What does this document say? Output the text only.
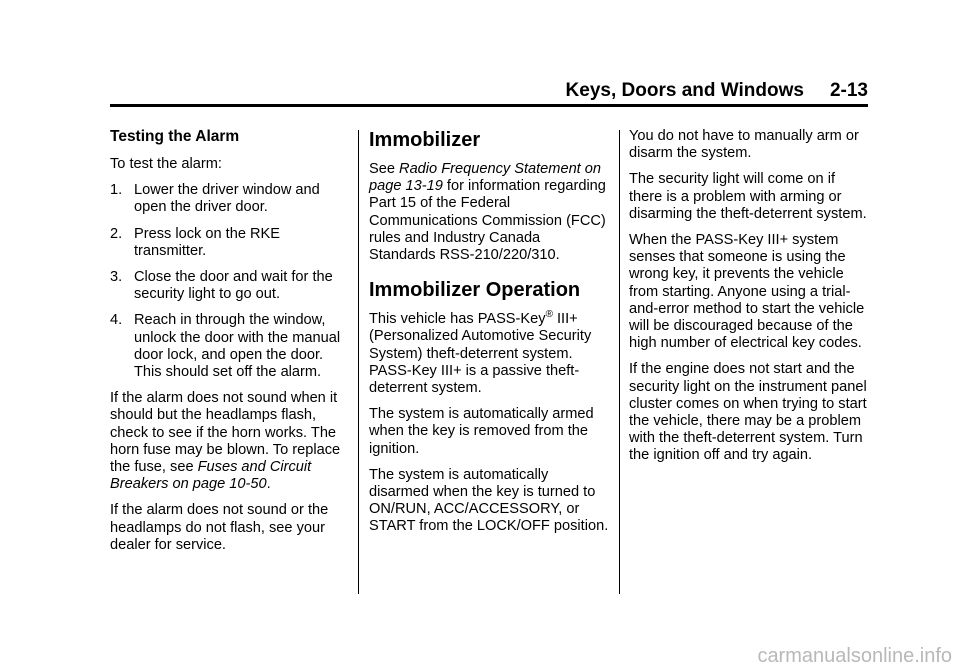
Keys, Doors and Windows 2-13
Testing the Alarm

To test the alarm:

1. Lower the driver window and open the driver door.
2. Press lock on the RKE transmitter.
3. Close the door and wait for the security light to go out.
4. Reach in through the window, unlock the door with the manual door lock, and open the door. This should set off the alarm.

If the alarm does not sound when it should but the headlamps flash, check to see if the horn works. The horn fuse may be blown. To replace the fuse, see Fuses and Circuit Breakers on page 10-50.

If the alarm does not sound or the headlamps do not flash, see your dealer for service.

Immobilizer

See Radio Frequency Statement on page 13-19 for information regarding Part 15 of the Federal Communications Commission (FCC) rules and Industry Canada Standards RSS-210/220/310.

Immobilizer Operation

This vehicle has PASS-Key® III+ (Personalized Automotive Security System) theft-deterrent system. PASS-Key III+ is a passive theft-deterrent system.

The system is automatically armed when the key is removed from the ignition.

The system is automatically disarmed when the key is turned to ON/RUN, ACC/ACCESSORY, or START from the LOCK/OFF position.

You do not have to manually arm or disarm the system.

The security light will come on if there is a problem with arming or disarming the theft-deterrent system.

When the PASS-Key III+ system senses that someone is using the wrong key, it prevents the vehicle from starting. Anyone using a trial-and-error method to start the vehicle will be discouraged because of the high number of electrical key codes.

If the engine does not start and the security light on the instrument panel cluster comes on when trying to start the vehicle, there may be a problem with the theft-deterrent system. Turn the ignition off and try again.

carmanualsonline.info
